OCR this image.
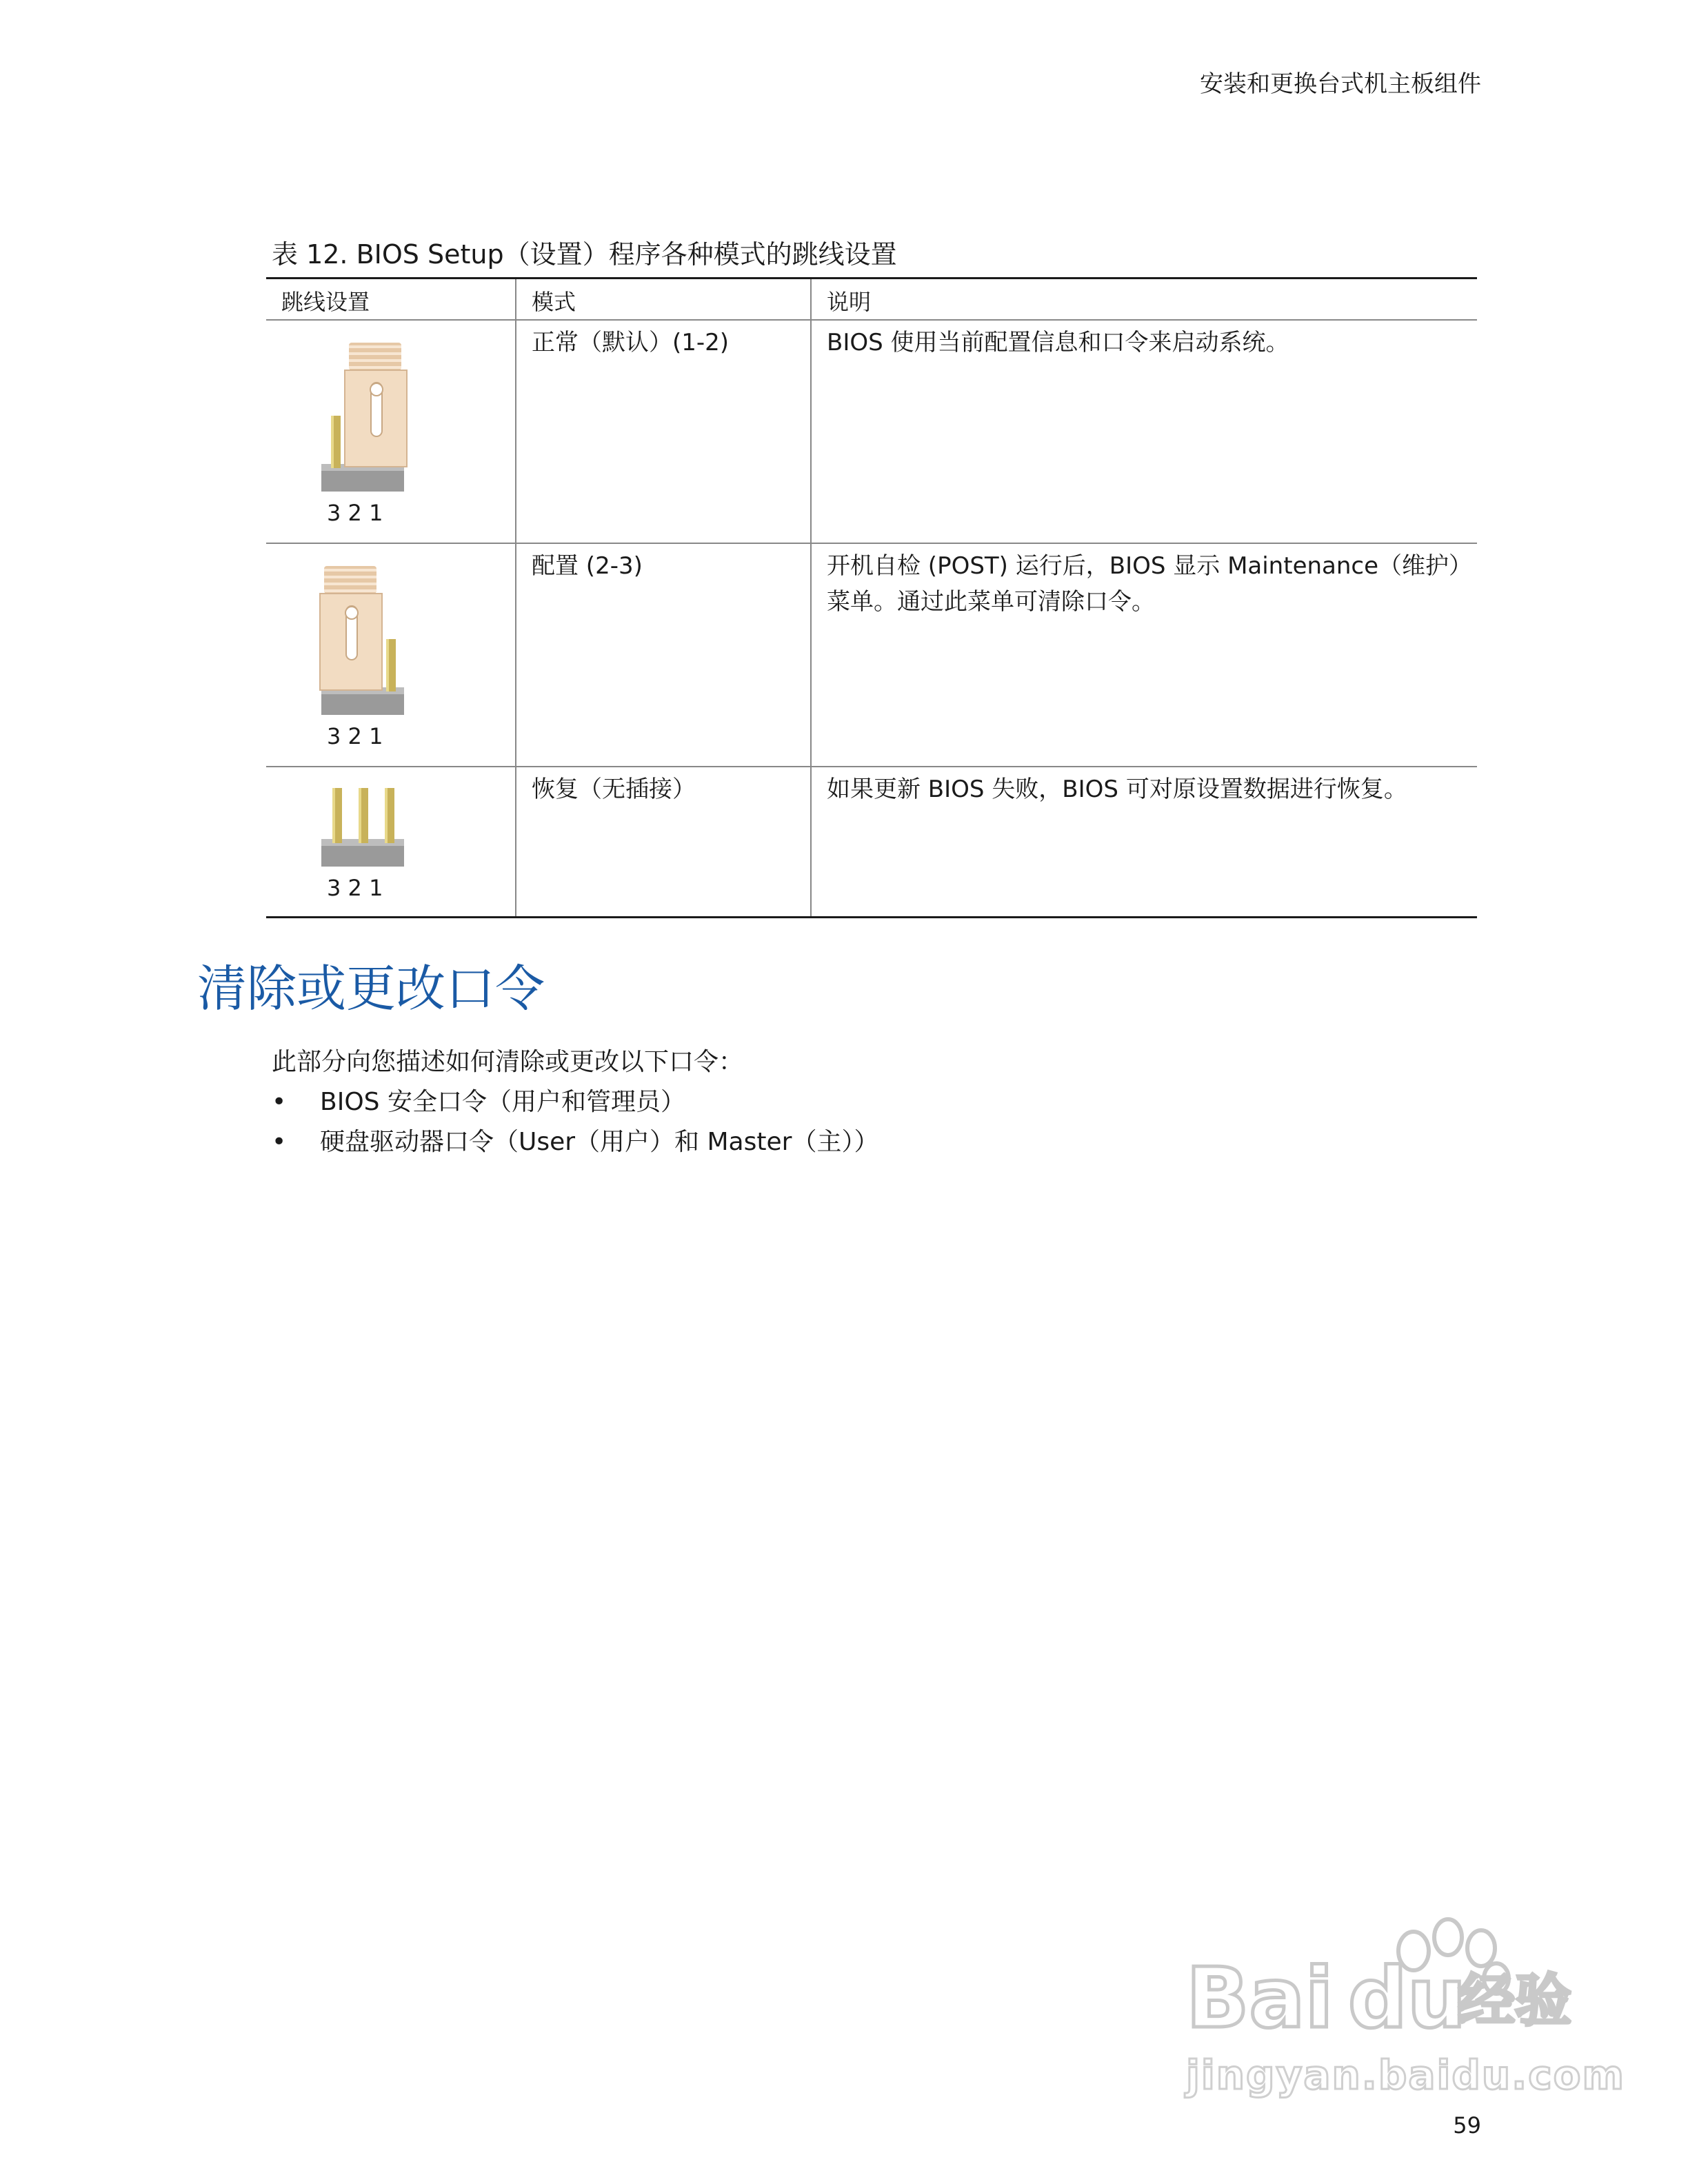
安装和更换台式机主板组件
表 12. BIOS Setup（设置）程序各种模式的跳线设置
跳线设置	模式	说明

3 2 1	正常（默认）(1-2)	BIOS 使用当前配置信息和口令来启动系统。

3 2 1	配置 (2-3)	开机自检 (POST) 运行后，BIOS 显示 Maintenance（维护）菜单。通过此菜单可清除口令。

3 2 1	恢复（无插接）	如果更新 BIOS 失败，BIOS 可对原设置数据进行恢复。
清除或更改口令
此部分向您描述如何清除或更改以下口令：
• BIOS 安全口令（用户和管理员）
• 硬盘驱动器口令（User（用户）和 Master（主））
Bai du
经验
jingyan.baidu.com
59
